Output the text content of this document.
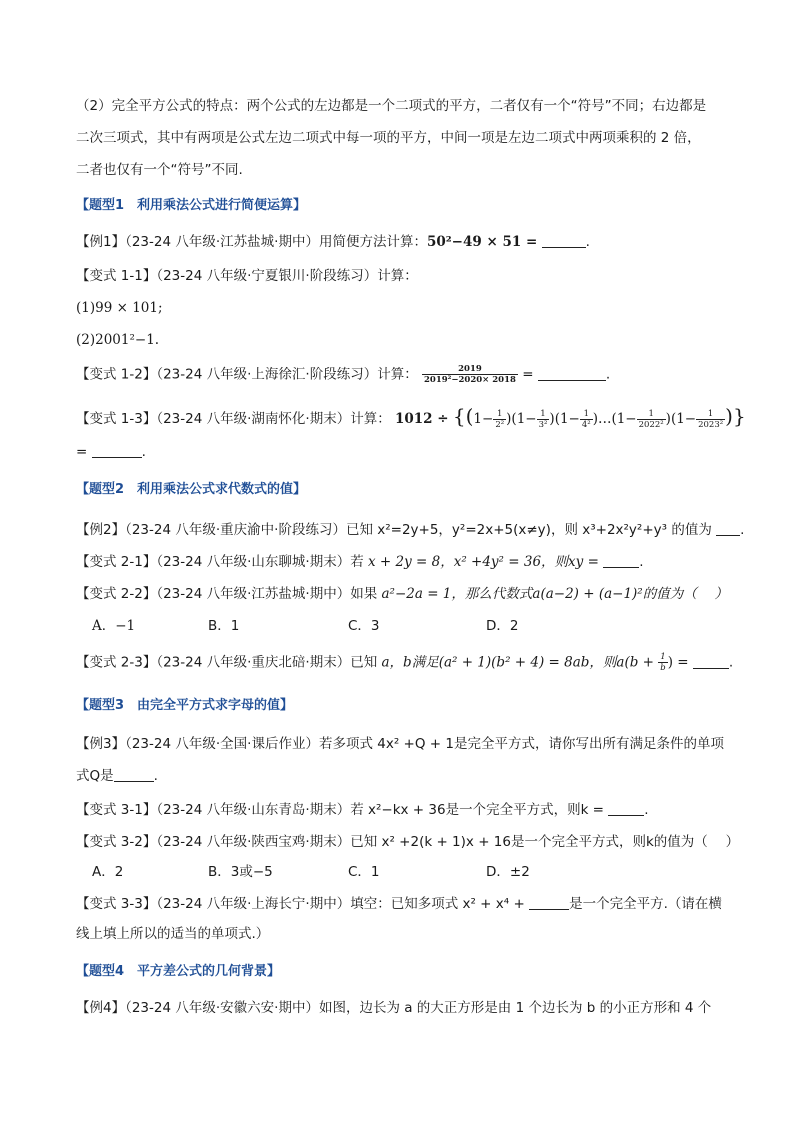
（2）完全平方公式的特点：两个公式的左边都是一个二项式的平方，二者仅有一个“符号”不同；右边都是
二次三项式，其中有两项是公式左边二项式中每一项的平方，中间一项是左边二项式中两项乘积的 2 倍，
二者也仅有一个“符号”不同.
【题型1　利用乘法公式进行简便运算】
【例1】（23-24 八年级·江苏盐城·期中）用简便方法计算：50²−49 × 51 =	.
【变式 1-1】（23-24 八年级·宁夏银川·阶段练习）计算：
(1)99 × 101;
(2)2001²−1.
【变式 1-2】（23-24 八年级·上海徐汇·阶段练习）计算： $\frac{2019}{\text{2019²−2020× 2018}}$ =	.
【变式 1-3】（23-24 八年级·湖南怀化·期末）计算： $1012 \div \{(1- \frac{1}{\text{2²}} )(1- \frac{1}{\text{3²}} )(1- \frac{1}{\text{4²}}$ )…(1− $\frac{1}{\text{2022²}} )(1- \frac{1}{\text{2023²}}$ )}
=	.
【题型2　利用乘法公式求代数式的值】
【例2】（23-24 八年级·重庆渝中·阶段练习）已知 x²=2y+5，y²=2x+5(x≠y)，则 x³+2x²y²+y³ 的值为 .
【变式 2-1】（23-24 八年级·山东聊城·期末）若 x + 2y = 8，x² +4y² = 36，则xy =	.
【变式 2-2】（23-24 八年级·江苏盐城·期中）如果 a²−2a = 1，那么代数式a(a−2) + (a−1)²的值为（　 ）
A．−1	B．1	C．3	D．2
【变式 2-3】（23-24 八年级·重庆北碚·期末）已知 a，b满足(a² + 1)(b² + 4) = 8ab，则$a(b + \frac{1}{b}$ ) =	.
【题型3　由完全平方式求字母的值】
【例3】（23-24 八年级·全国·课后作业）若多项式 4x² +Q + 1是完全平方式，请你写出所有满足条件的单项
式Q是	.
【变式 3-1】（23-24 八年级·山东青岛·期末）若 x²−kx + 36是一个完全平方式，则k =	.
【变式 3-2】（23-24 八年级·陕西宝鸡·期末）已知 x² +2(k + 1)x + 16是一个完全平方式，则k的值为（　 ）
A．2	B．3或−5	C．1	D．±2
【变式 3-3】（23-24 八年级·上海长宁·期中）填空：已知多项式 x² + x⁴ +	是一个完全平方.（请在横
线上填上所以的适当的单项式.）
【题型4　平方差公式的几何背景】
【例4】（23-24 八年级·安徽六安·期中）如图，边长为 a 的大正方形是由 1 个边长为 b 的小正方形和 4 个
